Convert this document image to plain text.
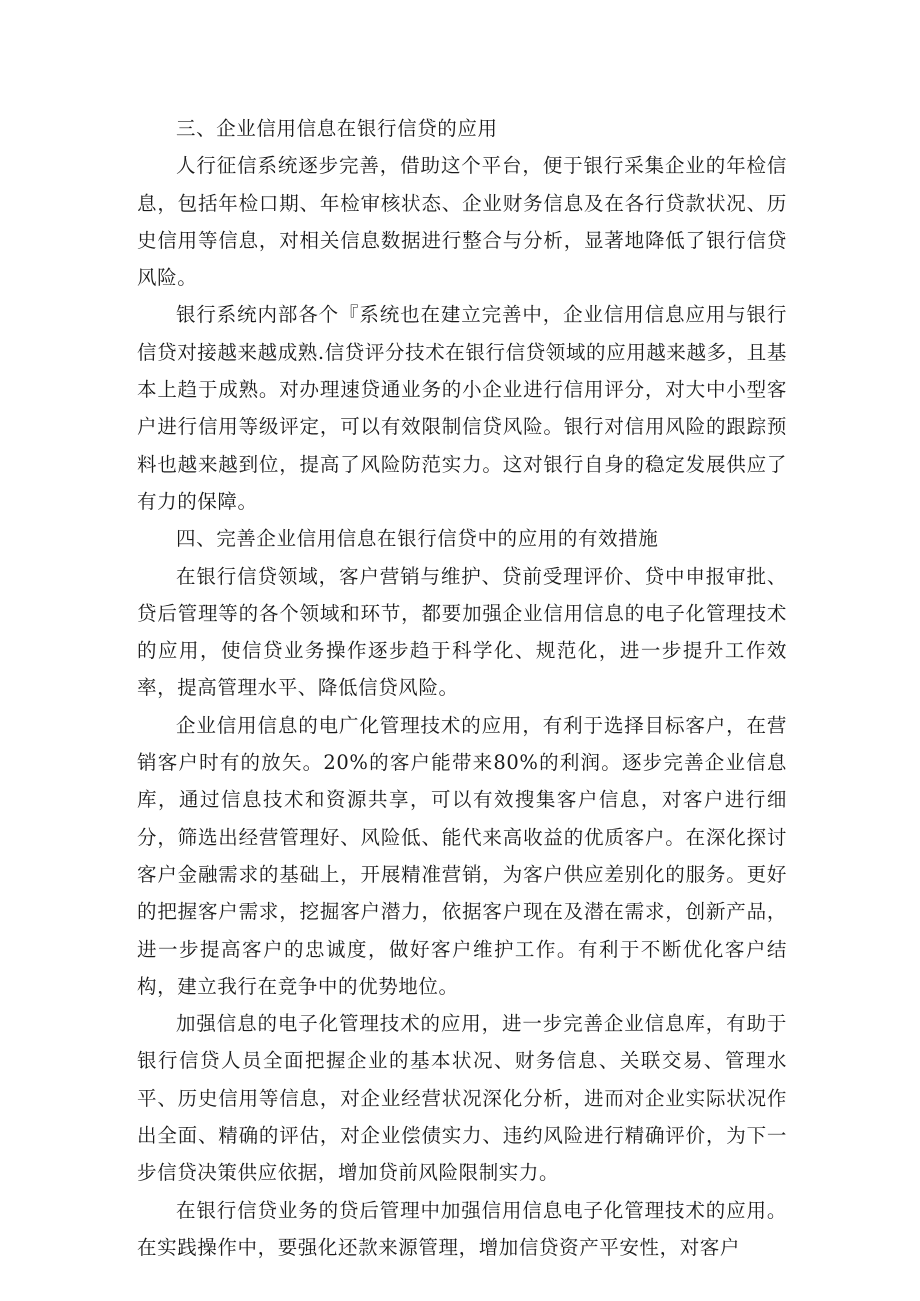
三、企业信用信息在银行信贷的应用

人行征信系统逐步完善，借助这个平台，便于银行采集企业的年检信息，包括年检口期、年检审核状态、企业财务信息及在各行贷款状况、历史信用等信息，对相关信息数据进行整合与分析，显著地降低了银行信贷风险。

银行系统内部各个『系统也在建立完善中，企业信用信息应用与银行信贷对接越来越成熟.信贷评分技术在银行信贷领域的应用越来越多，且基本上趋于成熟。对办理速贷通业务的小企业进行信用评分，对大中小型客户进行信用等级评定，可以有效限制信贷风险。银行对信用风险的跟踪预料也越来越到位，提高了风险防范实力。这对银行自身的稳定发展供应了有力的保障。

四、完善企业信用信息在银行信贷中的应用的有效措施

在银行信贷领域，客户营销与维护、贷前受理评价、贷中申报审批、贷后管理等的各个领域和环节，都要加强企业信用信息的电子化管理技术的应用，使信贷业务操作逐步趋于科学化、规范化，进一步提升工作效率，提高管理水平、降低信贷风险。

企业信用信息的电广化管理技术的应用，有利于选择目标客户，在营销客户时有的放矢。20%的客户能带来80%的利润。逐步完善企业信息库，通过信息技术和资源共享，可以有效搜集客户信息，对客户进行细分，筛选出经营管理好、风险低、能代来高收益的优质客户。在深化探讨客户金融需求的基础上，开展精准营销，为客户供应差别化的服务。更好的把握客户需求，挖掘客户潜力，依据客户现在及潜在需求，创新产品，进一步提高客户的忠诚度，做好客户维护工作。有利于不断优化客户结构，建立我行在竞争中的优势地位。

加强信息的电子化管理技术的应用，进一步完善企业信息库，有助于银行信贷人员全面把握企业的基本状况、财务信息、关联交易、管理水平、历史信用等信息，对企业经营状况深化分析，进而对企业实际状况作出全面、精确的评估，对企业偿债实力、违约风险进行精确评价，为下一步信贷决策供应依据，增加贷前风险限制实力。

在银行信贷业务的贷后管理中加强信用信息电子化管理技术的应用。在实践操作中，要强化还款来源管理，增加信贷资产平安性，对客户
